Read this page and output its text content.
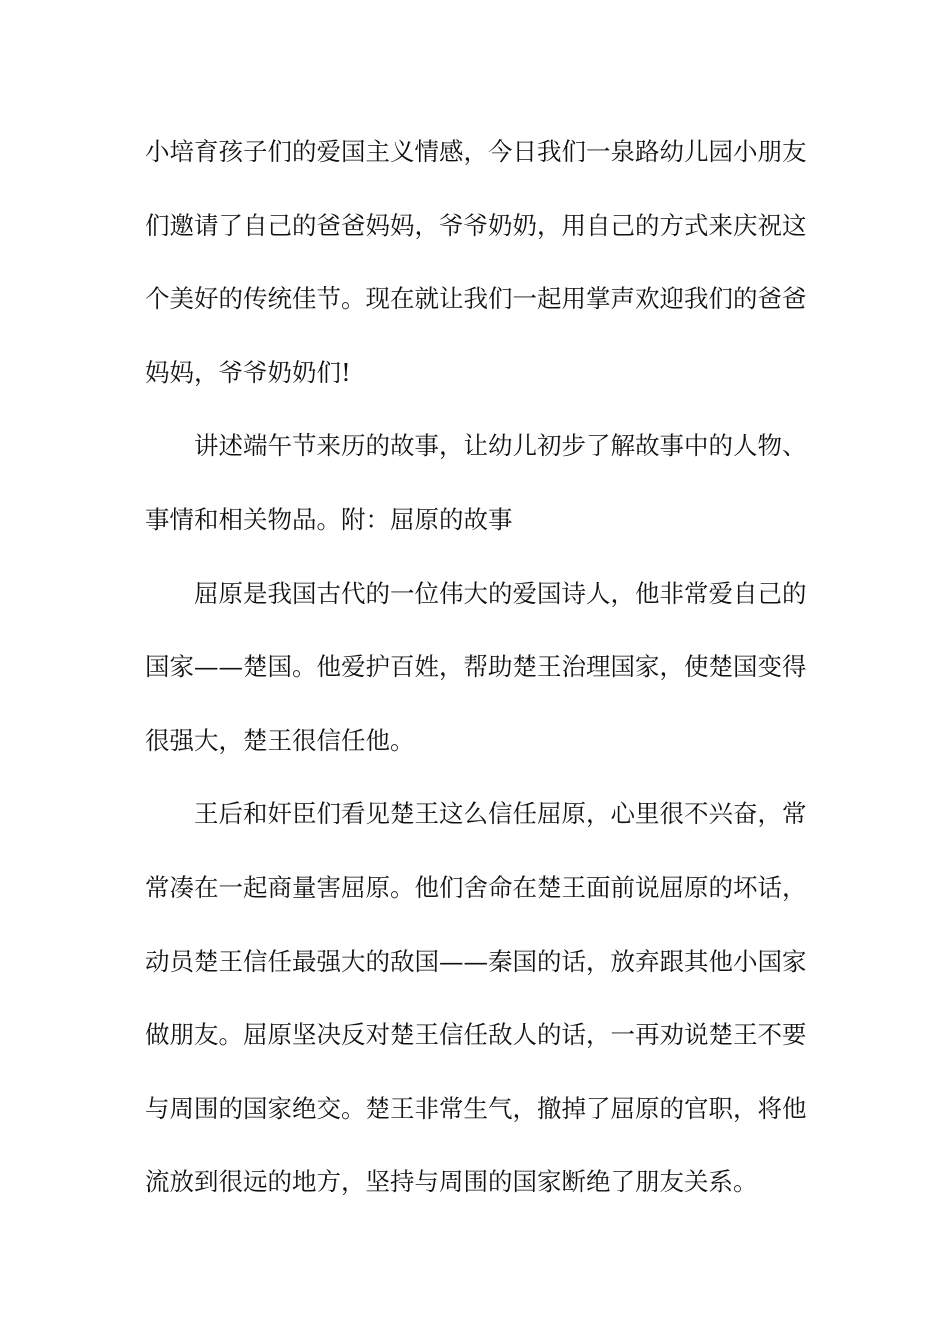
小培育孩子们的爱国主义情感，今日我们一泉路幼儿园小朋友
们邀请了自己的爸爸妈妈，爷爷奶奶，用自己的方式来庆祝这
个美好的传统佳节。现在就让我们一起用掌声欢迎我们的爸爸
妈妈，爷爷奶奶们!
讲述端午节来历的故事，让幼儿初步了解故事中的人物、
事情和相关物品。附：屈原的故事
屈原是我国古代的一位伟大的爱国诗人，他非常爱自己的
国家——楚国。他爱护百姓，帮助楚王治理国家，使楚国变得
很强大，楚王很信任他。
王后和奸臣们看见楚王这么信任屈原，心里很不兴奋，常
常凑在一起商量害屈原。他们舍命在楚王面前说屈原的坏话，
动员楚王信任最强大的敌国——秦国的话，放弃跟其他小国家
做朋友。屈原坚决反对楚王信任敌人的话，一再劝说楚王不要
与周围的国家绝交。楚王非常生气，撤掉了屈原的官职，将他
流放到很远的地方，坚持与周围的国家断绝了朋友关系。
